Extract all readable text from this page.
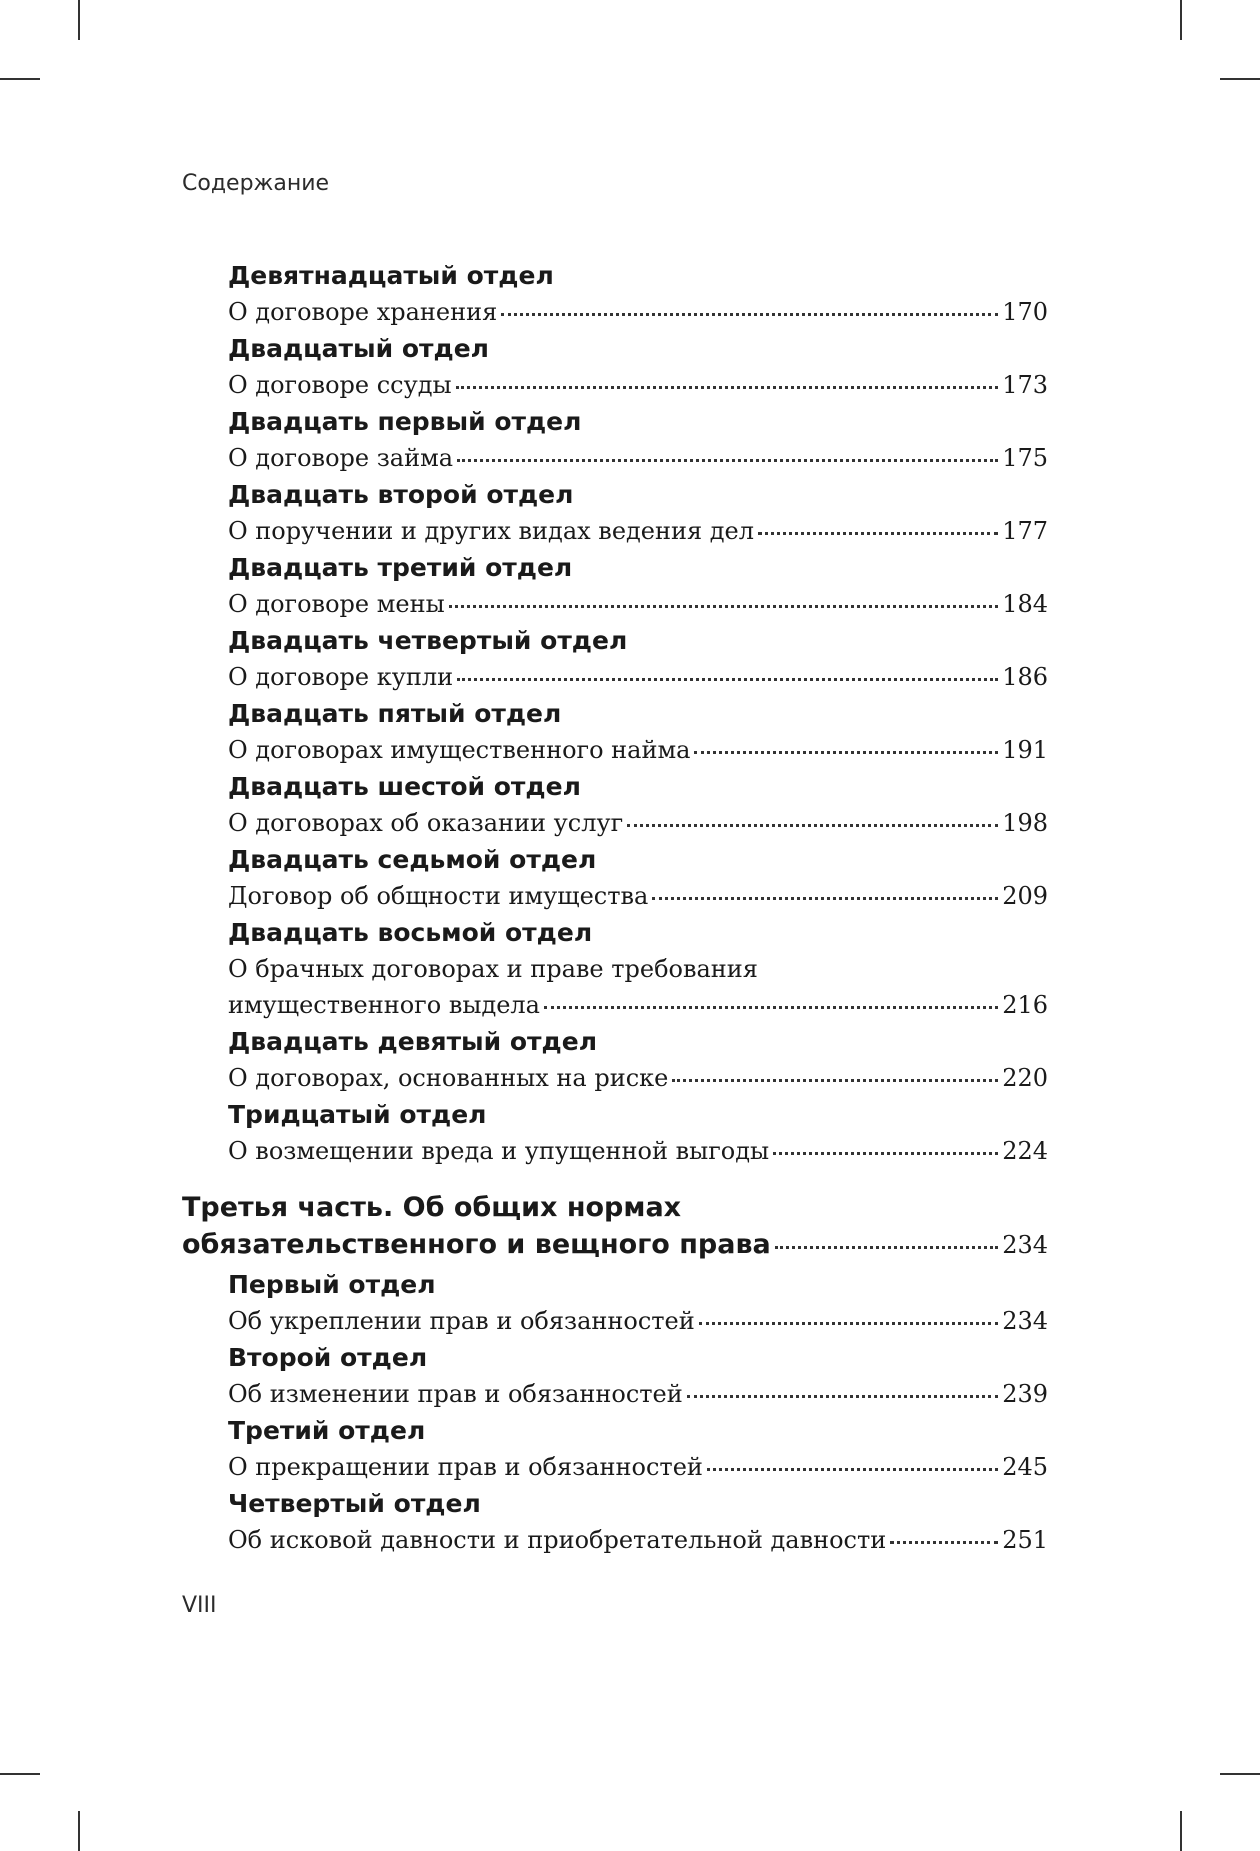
Содержание
Девятнадцатый отдел
О договоре хранения	170
Двадцатый отдел
О договоре ссуды	173
Двадцать первый отдел
О договоре займа	175
Двадцать второй отдел
О поручении и других видах ведения дел	177
Двадцать третий отдел
О договоре мены	184
Двадцать четвертый отдел
О договоре купли	186
Двадцать пятый отдел
О договорах имущественного найма	191
Двадцать шестой отдел
О договорах об оказании услуг	198
Двадцать седьмой отдел
Договор об общности имущества	209
Двадцать восьмой отдел
О брачных договорах и праве требования
имущественного выдела	216
Двадцать девятый отдел
О договорах, основанных на риске	220
Тридцатый отдел
О возмещении вреда и упущенной выгоды	224
Третья часть. Об общих нормах
обязательственного и вещного права	234
Первый отдел
Об укреплении прав и обязанностей	234
Второй отдел
Об изменении прав и обязанностей	239
Третий отдел
О прекращении прав и обязанностей	245
Четвертый отдел
Об исковой давности и приобретательной давности	251
VIII
